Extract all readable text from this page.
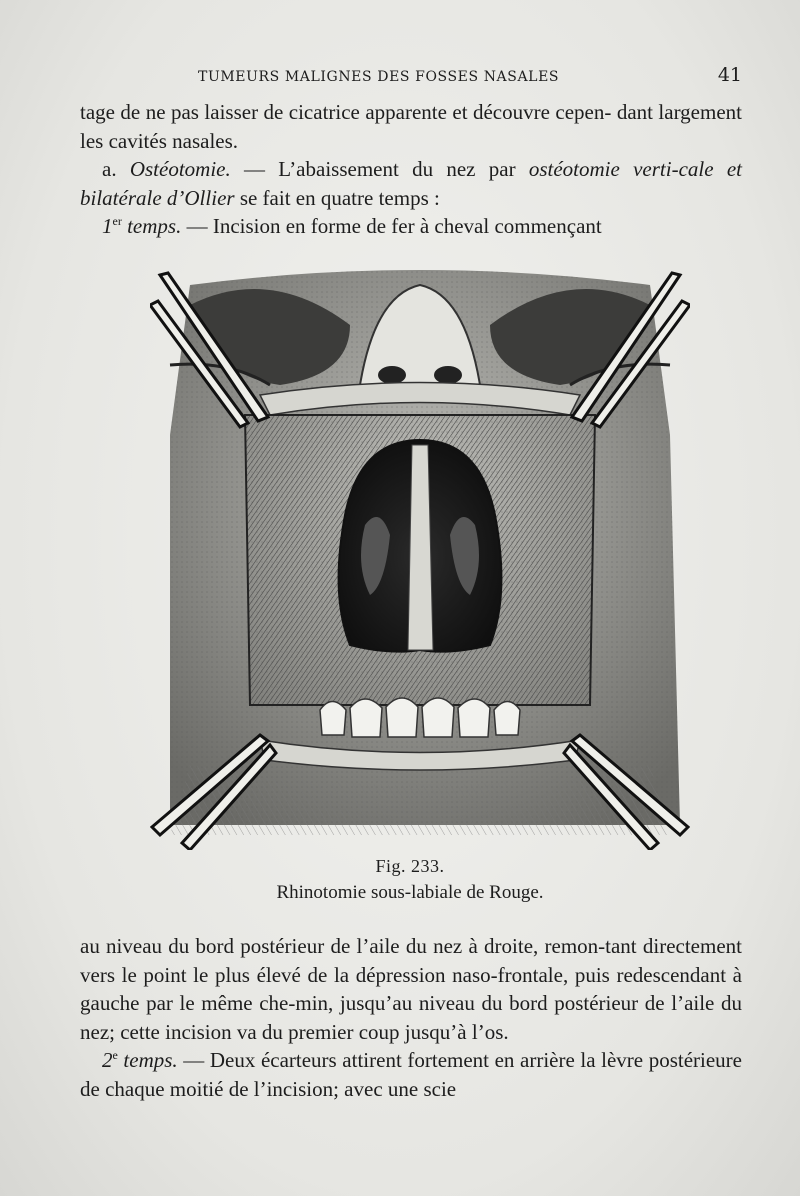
TUMEURS MALIGNES DES FOSSES NASALES	41

tage de ne pas laisser de cicatrice apparente et découvre cepen- dant largement les cavités nasales.

a. Ostéotomie. — L’abaissement du nez par ostéotomie verti-cale et bilatérale d’Ollier se fait en quatre temps :

1er temps. — Incision en forme de fer à cheval commençant

Fig. 233.
Rhinotomie sous-labiale de Rouge.

au niveau du bord postérieur de l’aile du nez à droite, remon-tant directement vers le point le plus élevé de la dépression naso-frontale, puis redescendant à gauche par le même che-min, jusqu’au niveau du bord postérieur de l’aile du nez; cette incision va du premier coup jusqu’à l’os.

2e temps. — Deux écarteurs attirent fortement en arrière la lèvre postérieure de chaque moitié de l’incision; avec une scie
